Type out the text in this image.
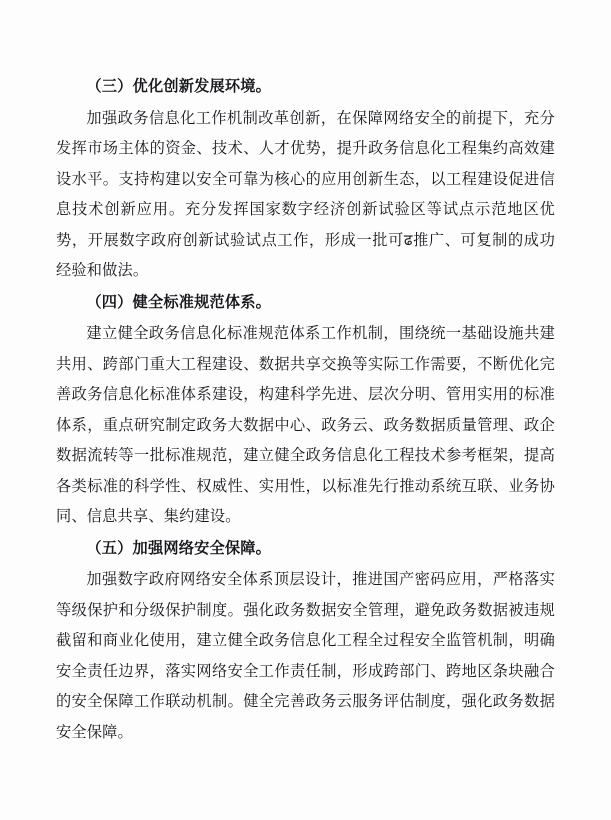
（三）优化创新发展环境。

加强政务信息化工作机制改革创新，在保障网络安全的前提下，充分发挥市场主体的资金、技术、人才优势，提升政务信息化工程集约高效建设水平。支持构建以安全可靠为核心的应用创新生态，以工程建设促进信息技术创新应用。充分发挥国家数字经济创新试验区等试点示范地区优势，开展数字政府创新试验试点工作，形成一批可ढ推广、可复制的成功经验和做法。

（四）健全标准规范体系。

建立健全政务信息化标准规范体系工作机制，围绕统一基础设施共建共用、跨部门重大工程建设、数据共享交换等实际工作需要，不断优化完善政务信息化标准体系建设，构建科学先进、层次分明、管用实用的标准体系，重点研究制定政务大数据中心、政务云、政务数据质量管理、政企数据流转等一批标准规范，建立健全政务信息化工程技术参考框架，提高各类标准的科学性、权威性、实用性，以标准先行推动系统互联、业务协同、信息共享、集约建设。

（五）加强网络安全保障。

加强数字政府网络安全体系顶层设计，推进国产密码应用，严格落实等级保护和分级保护制度。强化政务数据安全管理，避免政务数据被违规截留和商业化使用，建立健全政务信息化工程全过程安全监管机制，明确安全责任边界，落实网络安全工作责任制，形成跨部门、跨地区条块融合的安全保障工作联动机制。健全完善政务云服务评估制度，强化政务数据安全保障。
